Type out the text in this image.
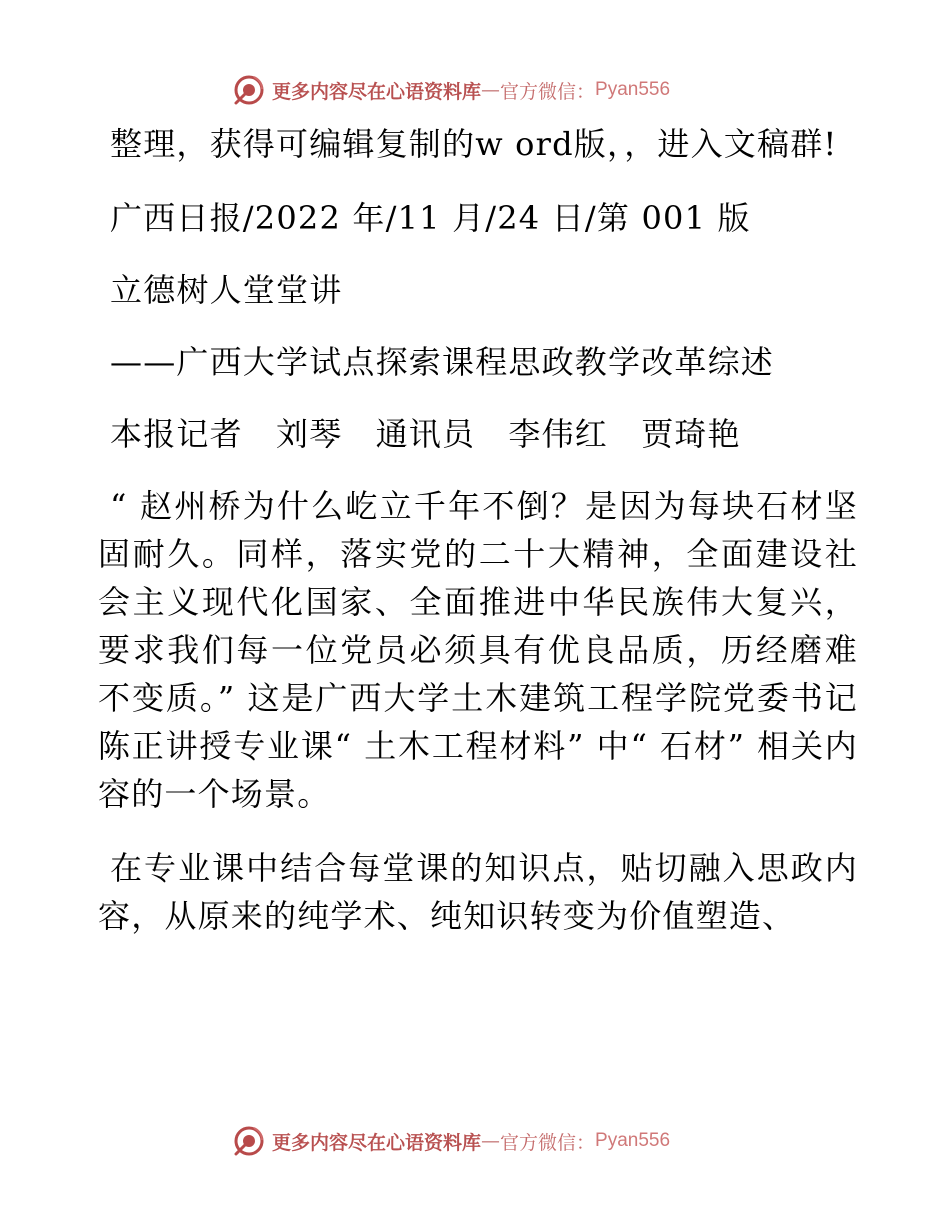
更多内容尽在心语资料库 — 官方微信： Pyan556

整理，获得可编辑复制的w ord版，，进入文稿群!

广西日报/2022 年/11 月/24 日/第 001 版

立德树人堂堂讲

——广西大学试点探索课程思政教学改革综述

本报记者　刘琴　通讯员　李伟红　贾琦艳

“ 赵州桥为什么屹立千年不倒？是因为每块石材坚固耐久。同样，落实党的二十大精神，全面建设社会主义现代化国家、全面推进中华民族伟大复兴，要求我们每一位党员必须具有优良品质，历经磨难不变质。” 这是广西大学土木建筑工程学院党委书记陈正讲授专业课“ 土木工程材料” 中“ 石材” 相关内容的一个场景。

在专业课中结合每堂课的知识点，贴切融入思政内容，从原来的纯学术、纯知识转变为价值塑造、

更多内容尽在心语资料库 — 官方微信： Pyan556
